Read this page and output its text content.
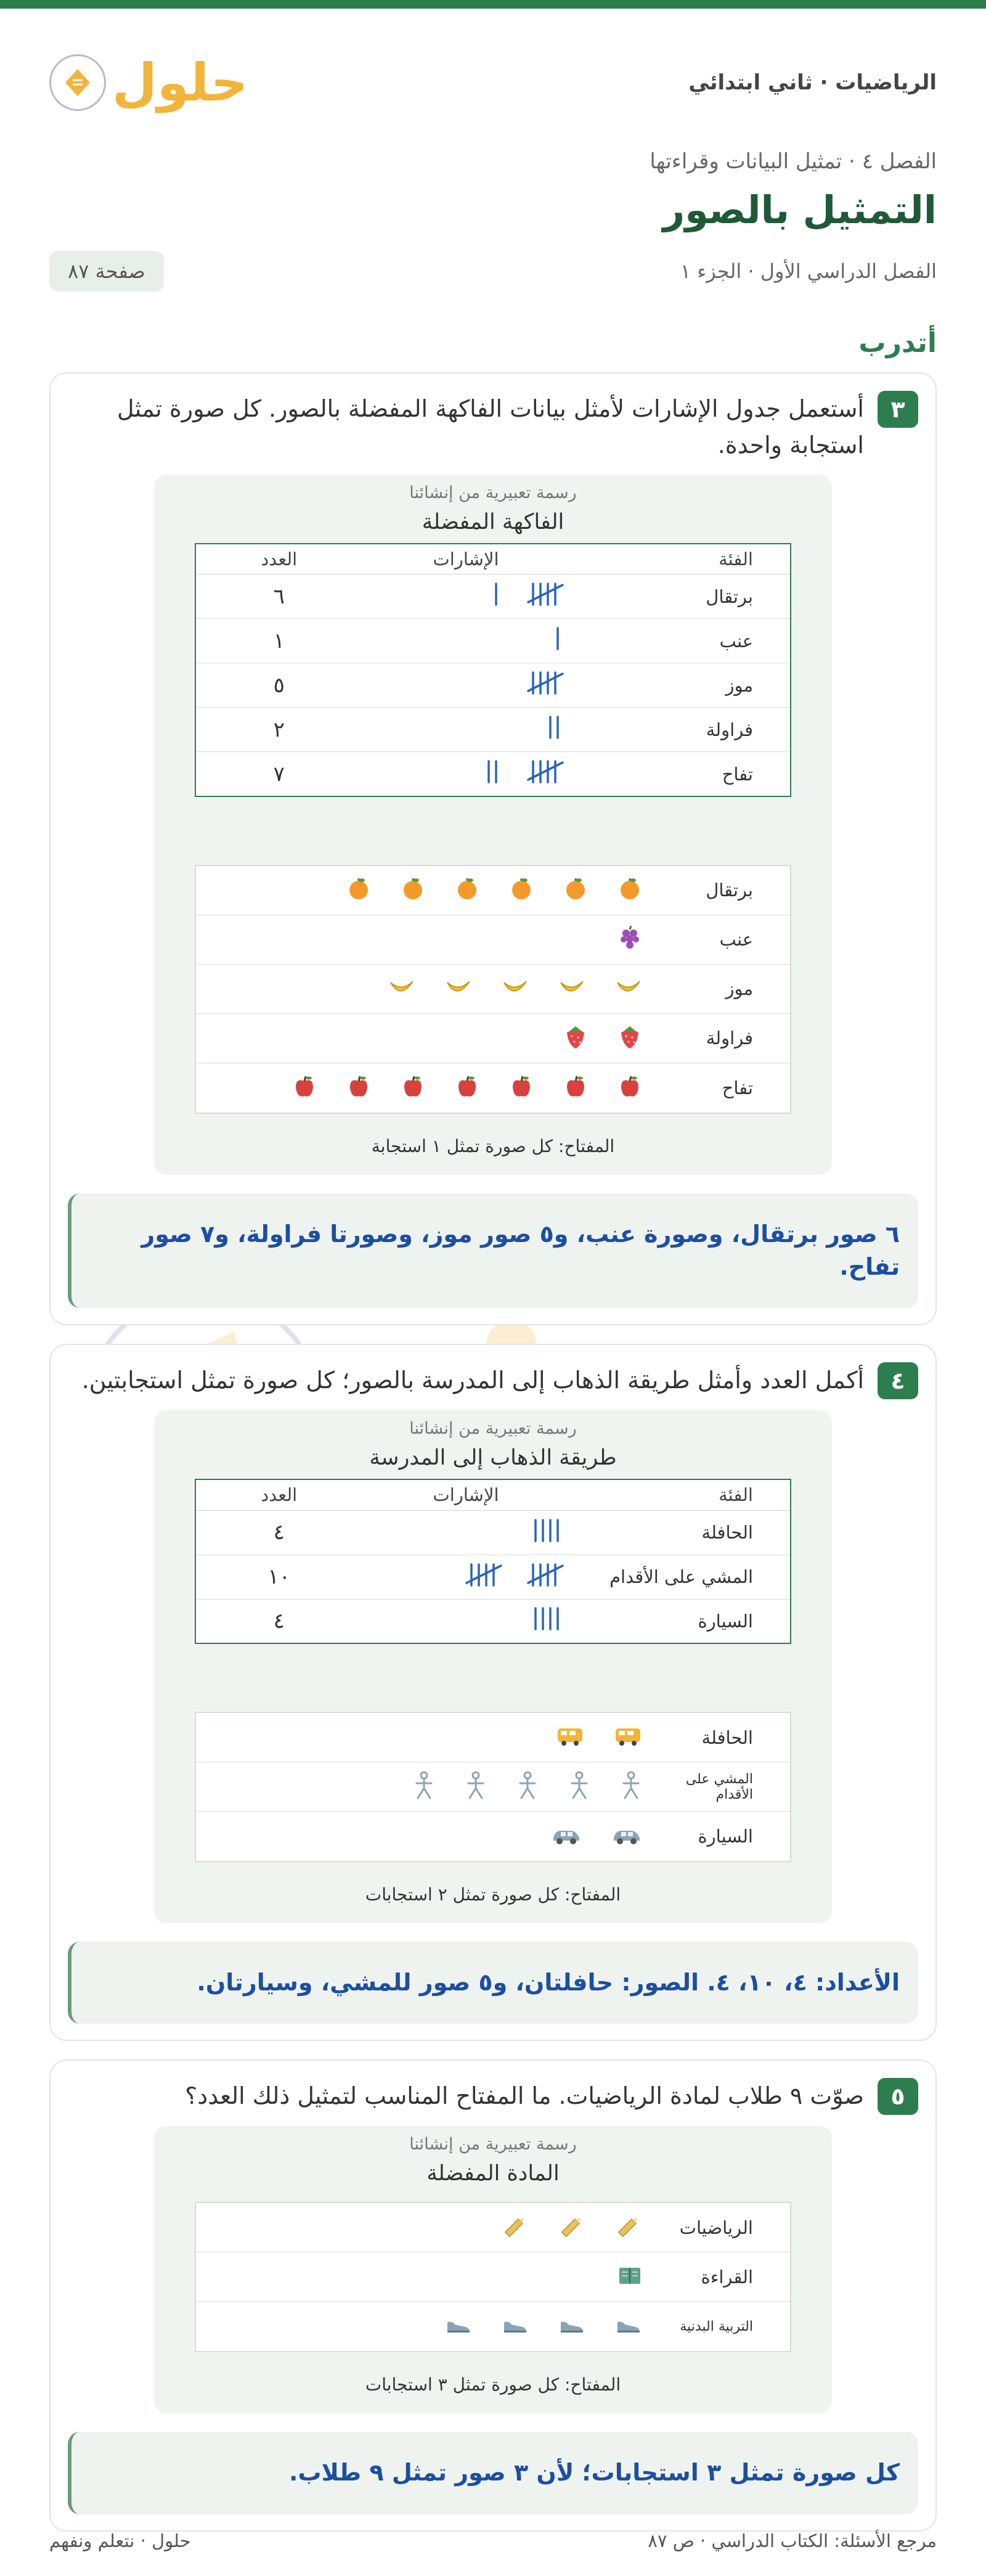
الرياضيات · ثاني ابتدائي
حلول
الفصل ٤ · تمثيل البيانات وقراءتها
التمثيل بالصور
الفصل الدراسي الأول · الجزء ١
صفحة ٨٧
أتدرب
٣
أستعمل جدول الإشارات لأمثل بيانات الفاكهة المفضلة بالصور. كل صورة تمثل استجابة واحدة.
رسمة تعبيرية من إنشائنا
الفاكهة المفضلة
الفئة	الإشارات	العدد
برتقال		٦
عنب		١
موز		٥
فراولة		٢
تفاح		٧
برتقال
عنب
موز
فراولة
تفاح
المفتاح: كل صورة تمثل ١ استجابة
٦ صور برتقال، وصورة عنب، و٥ صور موز، وصورتا فراولة، و٧ صور تفاح.
٤
أكمل العدد وأمثل طريقة الذهاب إلى المدرسة بالصور؛ كل صورة تمثل استجابتين.
رسمة تعبيرية من إنشائنا
طريقة الذهاب إلى المدرسة
الفئة	الإشارات	العدد
الحافلة		٤
المشي على الأقدام		١٠
السيارة		٤
الحافلة
المشي على الأقدام
السيارة
المفتاح: كل صورة تمثل ٢ استجابات
الأعداد: ٤، ١٠، ٤. الصور: حافلتان، و٥ صور للمشي، وسيارتان.
٥
صوّت ٩ طلاب لمادة الرياضيات. ما المفتاح المناسب لتمثيل ذلك العدد؟
رسمة تعبيرية من إنشائنا
المادة المفضلة
الرياضيات
القراءة
التربية البدنية
المفتاح: كل صورة تمثل ٣ استجابات
كل صورة تمثل ٣ استجابات؛ لأن ٣ صور تمثل ٩ طلاب.
مرجع الأسئلة: الكتاب الدراسي · ص ٨٧
حلول · نتعلم ونفهم
